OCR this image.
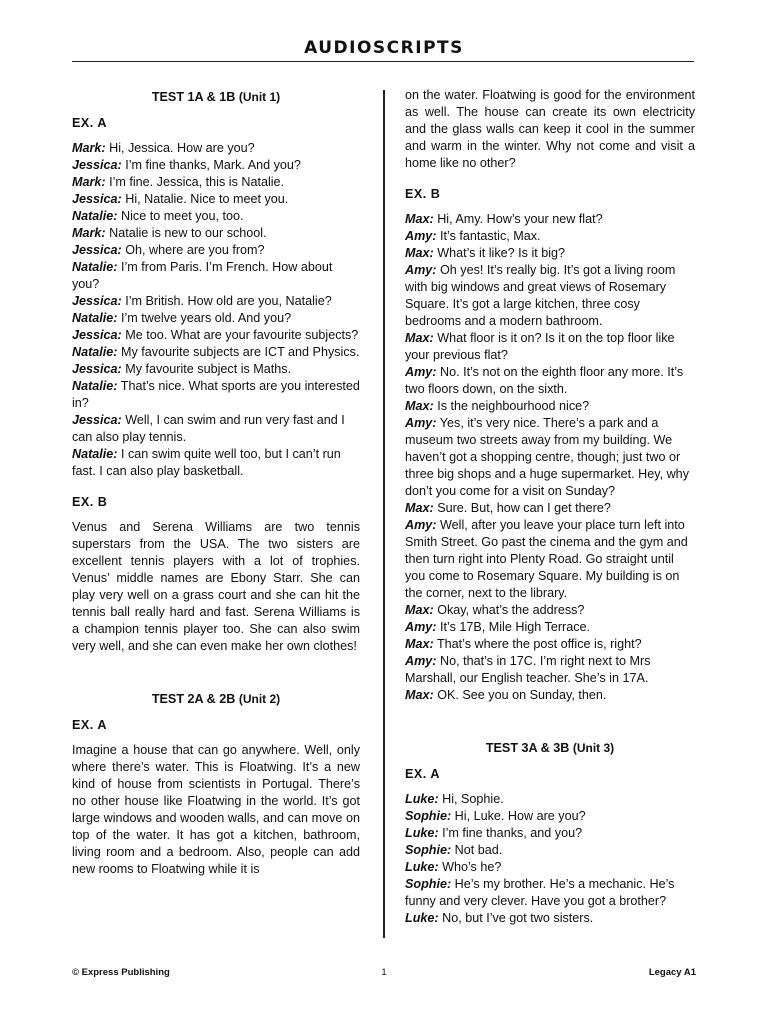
AUDIOSCRIPTS
TEST 1A & 1B (Unit 1)
EX. A

Mark: Hi, Jessica. How are you?

Jessica: I’m fine thanks, Mark. And you?

Mark: I’m fine. Jessica, this is Natalie.

Jessica: Hi, Natalie. Nice to meet you.

Natalie: Nice to meet you, too.

Mark: Natalie is new to our school.

Jessica: Oh, where are you from?

Natalie: I’m from Paris. I’m French. How about you?

Jessica: I’m British. How old are you, Natalie?

Natalie: I’m twelve years old. And you?

Jessica: Me too. What are your favourite subjects?

Natalie: My favourite subjects are ICT and Physics.

Jessica: My favourite subject is Maths.

Natalie: That’s nice. What sports are you interested in?

Jessica: Well, I can swim and run very fast and I can also play tennis.

Natalie: I can swim quite well too, but I can’t run fast. I can also play basketball.

EX. B

Venus and Serena Williams are two tennis superstars from the USA. The two sisters are excellent tennis players with a lot of trophies. Venus’ middle names are Ebony Starr. She can play very well on a grass court and she can hit the tennis ball really hard and fast. Serena Williams is a champion tennis player too. She can also swim very well, and she can even make her own clothes!

TEST 2A & 2B (Unit 2)
EX. A

Imagine a house that can go anywhere. Well, only where there’s water. This is Floatwing. It’s a new kind of house from scientists in Portugal. There’s no other house like Floatwing in the world. It’s got large windows and wooden walls, and can move on top of the water. It has got a kitchen, bathroom, living room and a bedroom. Also, people can add new rooms to Floatwing while it is

on the water. Floatwing is good for the environment as well. The house can create its own electricity and the glass walls can keep it cool in the summer and warm in the winter. Why not come and visit a home like no other?

EX. B

Max: Hi, Amy. How’s your new flat?

Amy: It’s fantastic, Max.

Max: What’s it like? Is it big?

Amy: Oh yes! It’s really big. It’s got a living room with big windows and great views of Rosemary Square. It’s got a large kitchen, three cosy bedrooms and a modern bathroom.

Max: What floor is it on? Is it on the top floor like your previous flat?

Amy: No. It’s not on the eighth floor any more. It’s two floors down, on the sixth.

Max: Is the neighbourhood nice?

Amy: Yes, it’s very nice. There’s a park and a museum two streets away from my building. We haven’t got a shopping centre, though; just two or three big shops and a huge supermarket. Hey, why don’t you come for a visit on Sunday?

Max: Sure. But, how can I get there?

Amy: Well, after you leave your place turn left into Smith Street. Go past the cinema and the gym and then turn right into Plenty Road. Go straight until you come to Rosemary Square. My building is on the corner, next to the library.

Max: Okay, what’s the address?

Amy: It’s 17B, Mile High Terrace.

Max: That’s where the post office is, right?

Amy: No, that’s in 17C. I’m right next to Mrs Marshall, our English teacher. She’s in 17A.

Max: OK. See you on Sunday, then.

TEST 3A & 3B (Unit 3)
EX. A

Luke: Hi, Sophie.

Sophie: Hi, Luke. How are you?

Luke: I’m fine thanks, and you?

Sophie: Not bad.

Luke: Who’s he?

Sophie: He’s my brother. He’s a mechanic. He’s funny and very clever. Have you got a brother?

Luke: No, but I’ve got two sisters.

© Express Publishing	1	Legacy A1
